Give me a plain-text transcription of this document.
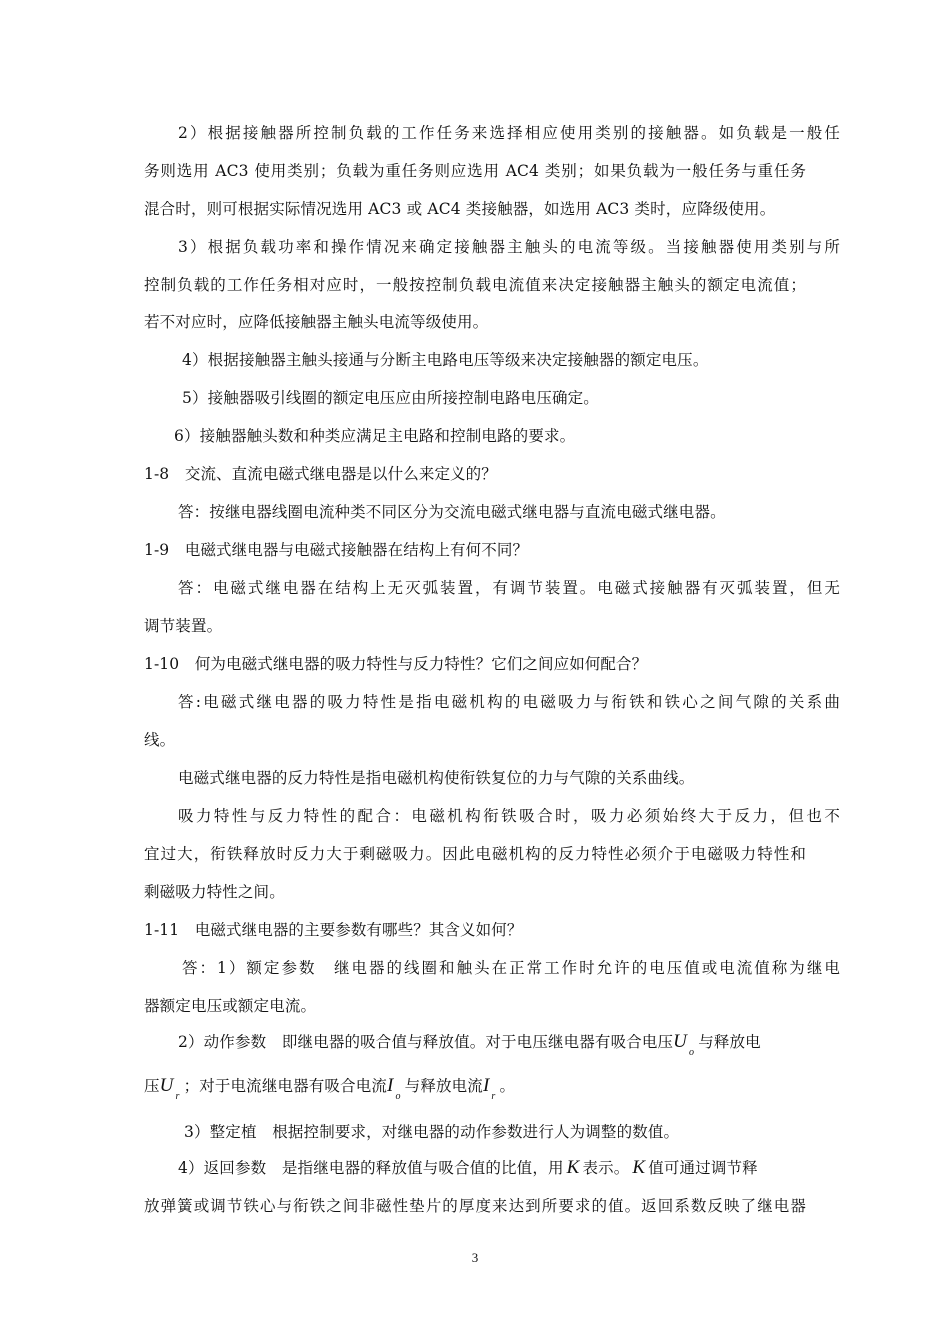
2）根据接触器所控制负载的工作任务来选择相应使用类别的接触器。如负载是一般任
务则选用 AC3 使用类别；负载为重任务则应选用 AC4 类别；如果负载为一般任务与重任务
混合时，则可根据实际情况选用 AC3 或 AC4 类接触器，如选用 AC3 类时，应降级使用。
3）根据负载功率和操作情况来确定接触器主触头的电流等级。当接触器使用类别与所
控制负载的工作任务相对应时，一般按控制负载电流值来决定接触器主触头的额定电流值；
若不对应时，应降低接触器主触头电流等级使用。
4）根据接触器主触头接通与分断主电路电压等级来决定接触器的额定电压。
5）接触器吸引线圈的额定电压应由所接控制电路电压确定。
6）接触器触头数和种类应满足主电路和控制电路的要求。
1-8　交流、直流电磁式继电器是以什么来定义的？
答：按继电器线圈电流种类不同区分为交流电磁式继电器与直流电磁式继电器。
1-9　电磁式继电器与电磁式接触器在结构上有何不同？
答：电磁式继电器在结构上无灭弧装置，有调节装置。电磁式接触器有灭弧装置，但无
调节装置。
1-10　何为电磁式继电器的吸力特性与反力特性？它们之间应如何配合？
答:电磁式继电器的吸力特性是指电磁机构的电磁吸力与衔铁和铁心之间气隙的关系曲
线。
电磁式继电器的反力特性是指电磁机构使衔铁复位的力与气隙的关系曲线。
吸力特性与反力特性的配合：电磁机构衔铁吸合时，吸力必须始终大于反力，但也不
宜过大，衔铁释放时反力大于剩磁吸力。因此电磁机构的反力特性必须介于电磁吸力特性和
剩磁吸力特性之间。
1-11　电磁式继电器的主要参数有哪些？其含义如何？
答：1）额定参数　继电器的线圈和触头在正常工作时允许的电压值或电流值称为继电
器额定电压或额定电流。
2）动作参数　即继电器的吸合值与释放值。对于电压继电器有吸合电压$U_o$与释放电
压$U_r$；对于电流继电器有吸合电流$I_o$与释放电流$I_r$。
3）整定植　根据控制要求，对继电器的动作参数进行人为调整的数值。
4）返回参数　是指继电器的释放值与吸合值的比值，用 K 表示。 K 值可通过调节释
放弹簧或调节铁心与衔铁之间非磁性垫片的厚度来达到所要求的值。返回系数反映了继电器
3
